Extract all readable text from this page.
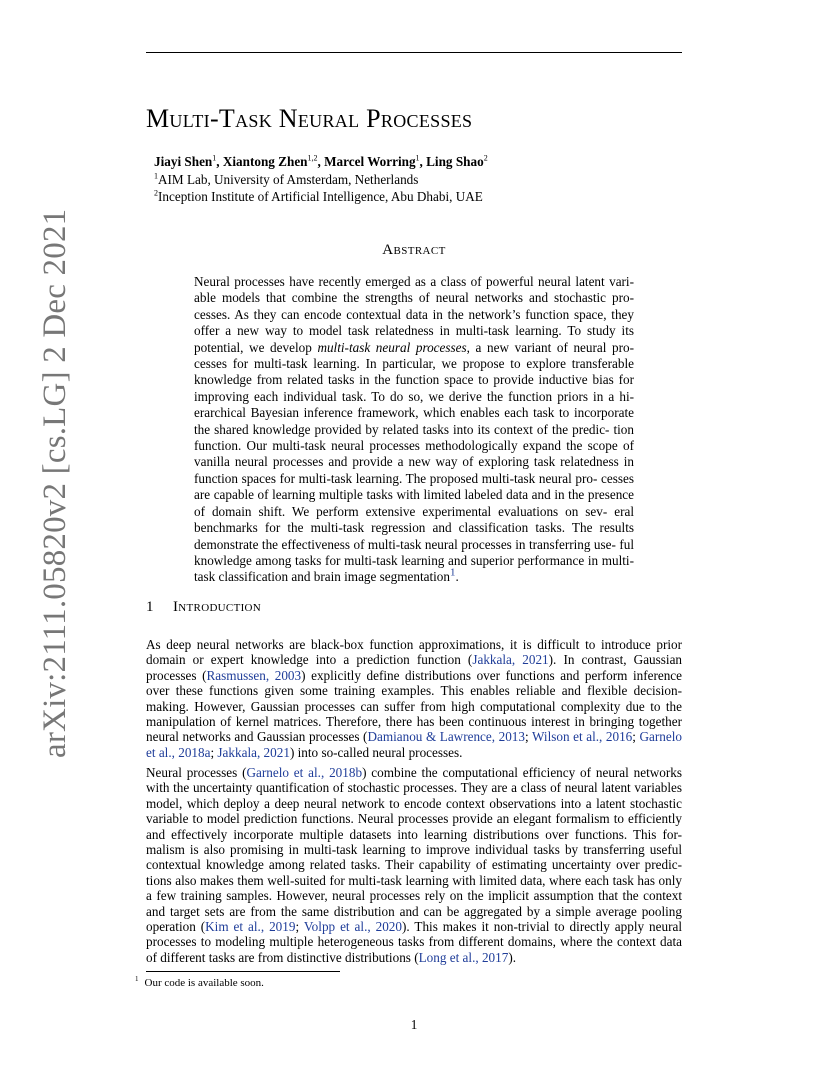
arXiv:2111.05820v2 [cs.LG] 2 Dec 2021
Multi-Task Neural Processes
Jiayi Shen$^1$, Xiantong Zhen$^{1,2}$, Marcel Worring$^1$, Ling Shao$^2$
$^1$AIM Lab, University of Amsterdam, Netherlands
$^2$Inception Institute of Artificial Intelligence, Abu Dhabi, UAE
Abstract
Neural processes have recently emerged as a class of powerful neural latent vari- able models that combine the strengths of neural networks and stochastic pro- cesses. As they can encode contextual data in the network’s function space, they offer a new way to model task relatedness in multi-task learning. To study its potential, we develop multi-task neural processes, a new variant of neural pro- cesses for multi-task learning. In particular, we propose to explore transferable knowledge from related tasks in the function space to provide inductive bias for improving each individual task. To do so, we derive the function priors in a hi- erarchical Bayesian inference framework, which enables each task to incorporate the shared knowledge provided by related tasks into its context of the predic- tion function. Our multi-task neural processes methodologically expand the scope of vanilla neural processes and provide a new way of exploring task relatedness in function spaces for multi-task learning. The proposed multi-task neural pro- cesses are capable of learning multiple tasks with limited labeled data and in the presence of domain shift. We perform extensive experimental evaluations on sev- eral benchmarks for the multi-task regression and classification tasks. The results demonstrate the effectiveness of multi-task neural processes in transferring use- ful knowledge among tasks for multi-task learning and superior performance in multi-task classification and brain image segmentation$^1$.
1 Introduction
As deep neural networks are black-box function approximations, it is difficult to introduce prior domain or expert knowledge into a prediction function (Jakkala, 2021). In contrast, Gaussian processes (Rasmussen, 2003) explicitly define distributions over functions and perform inference over these functions given some training examples. This enables reliable and flexible decision- making. However, Gaussian processes can suffer from high computational complexity due to the manipulation of kernel matrices. Therefore, there has been continuous interest in bringing together neural networks and Gaussian processes (Damianou & Lawrence, 2013; Wilson et al., 2016; Garnelo et al., 2018a; Jakkala, 2021) into so-called neural processes.
Neural processes (Garnelo et al., 2018b) combine the computational efficiency of neural networks with the uncertainty quantification of stochastic processes. They are a class of neural latent variables model, which deploy a deep neural network to encode context observations into a latent stochastic variable to model prediction functions. Neural processes provide an elegant formalism to efficiently and effectively incorporate multiple datasets into learning distributions over functions. This for- malism is also promising in multi-task learning to improve individual tasks by transferring useful contextual knowledge among related tasks. Their capability of estimating uncertainty over predic- tions also makes them well-suited for multi-task learning with limited data, where each task has only a few training samples. However, neural processes rely on the implicit assumption that the context and target sets are from the same distribution and can be aggregated by a simple average pooling operation (Kim et al., 2019; Volpp et al., 2020). This makes it non-trivial to directly apply neural processes to modeling multiple heterogeneous tasks from different domains, where the context data of different tasks are from distinctive distributions (Long et al., 2017).
$^1$ Our code is available soon.
1
